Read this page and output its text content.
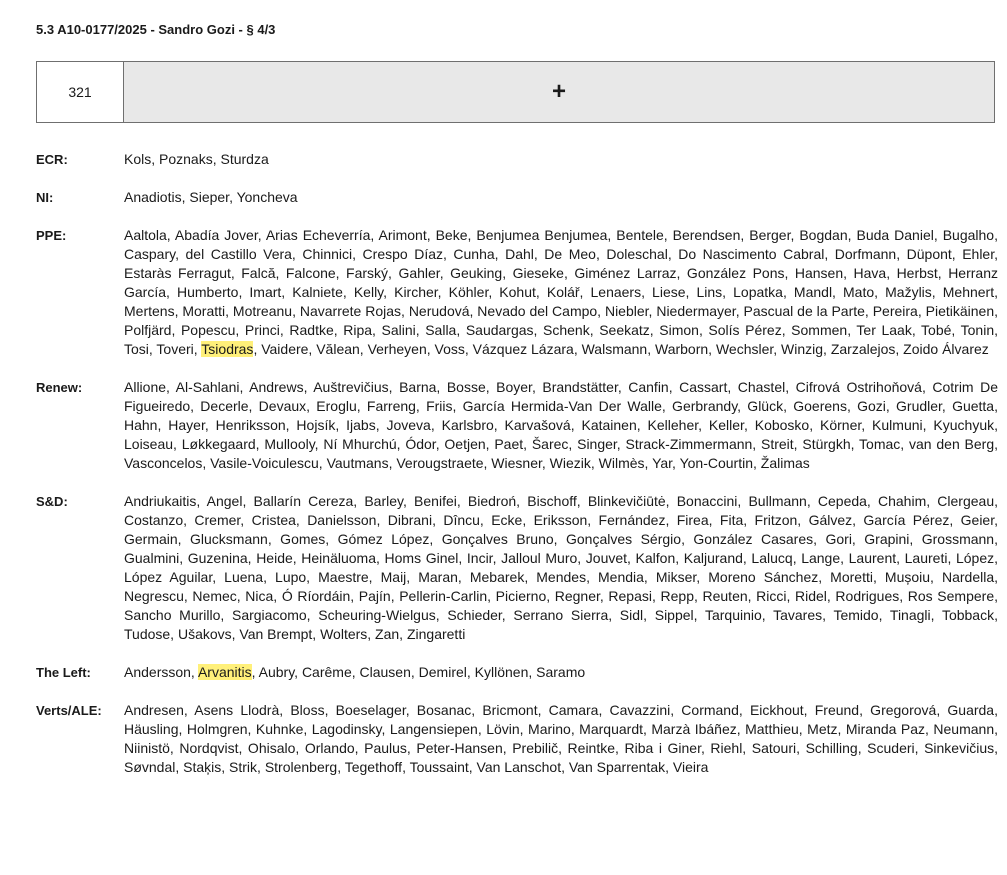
5.3 A10-0177/2025 - Sandro Gozi - § 4/3
321	+
ECR:	Kols, Poznaks, Sturdza
NI:	Anadiotis, Sieper, Yoncheva
PPE:	Aaltola, Abadía Jover, Arias Echeverría, Arimont, Beke, Benjumea Benjumea, Bentele, Berendsen, Berger, Bogdan, Buda Daniel, Bugalho, Caspary, del Castillo Vera, Chinnici, Crespo Díaz, Cunha, Dahl, De Meo, Doleschal, Do Nascimento Cabral, Dorfmann, Düpont, Ehler, Estaràs Ferragut, Falcă, Falcone, Farský, Gahler, Geuking, Gieseke, Giménez Larraz, González Pons, Hansen, Hava, Herbst, Herranz García, Humberto, Imart, Kalniete, Kelly, Kircher, Köhler, Kohut, Kolář, Lenaers, Liese, Lins, Lopatka, Mandl, Mato, Mažylis, Mehnert, Mertens, Moratti, Motreanu, Navarrete Rojas, Nerudová, Nevado del Campo, Niebler, Niedermayer, Pascual de la Parte, Pereira, Pietikäinen, Polfjärd, Popescu, Princi, Radtke, Ripa, Salini, Salla, Saudargas, Schenk, Seekatz, Simon, Solís Pérez, Sommen, Ter Laak, Tobé, Tonin, Tosi, Toveri, Tsiodras, Vaidere, Vălean, Verheyen, Voss, Vázquez Lázara, Walsmann, Warborn, Wechsler, Winzig, Zarzalejos, Zoido Álvarez
Renew:	Allione, Al-Sahlani, Andrews, Auštrevičius, Barna, Bosse, Boyer, Brandstätter, Canfin, Cassart, Chastel, Cifrová Ostrihoňová, Cotrim De Figueiredo, Decerle, Devaux, Eroglu, Farreng, Friis, García Hermida-Van Der Walle, Gerbrandy, Glück, Goerens, Gozi, Grudler, Guetta, Hahn, Hayer, Henriksson, Hojsík, Ijabs, Joveva, Karlsbro, Karvašová, Katainen, Kelleher, Keller, Kobosko, Körner, Kulmuni, Kyuchyuk, Loiseau, Løkkegaard, Mullooly, Ní Mhurchú, Ódor, Oetjen, Paet, Šarec, Singer, Strack-Zimmermann, Streit, Stürgkh, Tomac, van den Berg, Vasconcelos, Vasile-Voiculescu, Vautmans, Verougstraete, Wiesner, Wiezik, Wilmès, Yar, Yon-Courtin, Žalimas
S&D:	Andriukaitis, Angel, Ballarín Cereza, Barley, Benifei, Biedroń, Bischoff, Blinkevičiūtė, Bonaccini, Bullmann, Cepeda, Chahim, Clergeau, Costanzo, Cremer, Cristea, Danielsson, Dibrani, Dîncu, Ecke, Eriksson, Fernández, Firea, Fita, Fritzon, Gálvez, García Pérez, Geier, Germain, Glucksmann, Gomes, Gómez López, Gonçalves Bruno, Gonçalves Sérgio, González Casares, Gori, Grapini, Grossmann, Gualmini, Guzenina, Heide, Heinäluoma, Homs Ginel, Incir, Jalloul Muro, Jouvet, Kalfon, Kaljurand, Lalucq, Lange, Laurent, Laureti, López, López Aguilar, Luena, Lupo, Maestre, Maij, Maran, Mebarek, Mendes, Mendia, Mikser, Moreno Sánchez, Moretti, Mușoiu, Nardella, Negrescu, Nemec, Nica, Ó Ríordáin, Pajín, Pellerin-Carlin, Picierno, Regner, Repasi, Repp, Reuten, Ricci, Ridel, Rodrigues, Ros Sempere, Sancho Murillo, Sargiacomo, Scheuring-Wielgus, Schieder, Serrano Sierra, Sidl, Sippel, Tarquinio, Tavares, Temido, Tinagli, Tobback, Tudose, Ušakovs, Van Brempt, Wolters, Zan, Zingaretti
The Left:	Andersson, Arvanitis, Aubry, Carême, Clausen, Demirel, Kyllönen, Saramo
Verts/ALE:	Andresen, Asens Llodrà, Bloss, Boeselager, Bosanac, Bricmont, Camara, Cavazzini, Cormand, Eickhout, Freund, Gregorová, Guarda, Häusling, Holmgren, Kuhnke, Lagodinsky, Langensiepen, Lövin, Marino, Marquardt, Marzà Ibáñez, Matthieu, Metz, Miranda Paz, Neumann, Niinistö, Nordqvist, Ohisalo, Orlando, Paulus, Peter-Hansen, Prebilič, Reintke, Riba i Giner, Riehl, Satouri, Schilling, Scuderi, Sinkevičius, Søvndal, Staķis, Strik, Strolenberg, Tegethoff, Toussaint, Van Lanschot, Van Sparrentak, Vieira
